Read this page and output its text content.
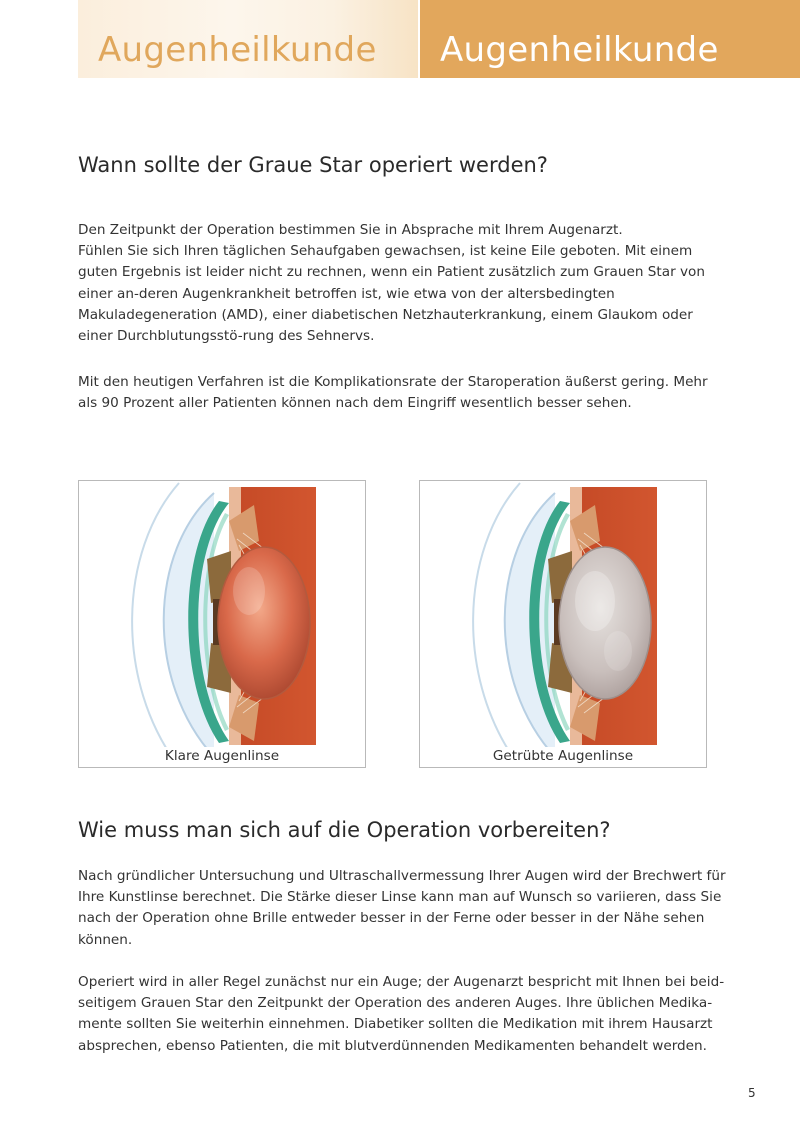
Augenheilkunde Augenheilkunde
Wann sollte der Graue Star operiert werden?

Den Zeitpunkt der Operation bestimmen Sie in Absprache mit Ihrem Augenarzt.
Fühlen Sie sich Ihren täglichen Sehaufgaben gewachsen, ist keine Eile geboten. Mit einem guten Ergebnis ist leider nicht zu rechnen, wenn ein Patient zusätzlich zum Grauen Star von einer an-deren Augenkrankheit betroffen ist, wie etwa von der altersbedingten Makuladegeneration (AMD), einer diabetischen Netzhauterkrankung, einem Glaukom oder einer Durchblutungsstö-rung des Sehnervs.

Mit den heutigen Verfahren ist die Komplikationsrate der Staroperation äußerst gering. Mehr als 90 Prozent aller Patienten können nach dem Eingriff wesentlich besser sehen.

Klare Augenlinse	Getrübte Augenlinse
Wie muss man sich auf die Operation vorbereiten?

Nach gründlicher Untersuchung und Ultraschallvermessung Ihrer Augen wird der Brechwert für Ihre Kunstlinse berechnet. Die Stärke dieser Linse kann man auf Wunsch so variieren, dass Sie nach der Operation ohne Brille entweder besser in der Ferne oder besser in der Nähe sehen können.

Operiert wird in aller Regel zunächst nur ein Auge; der Augenarzt bespricht mit Ihnen bei beid-seitigem Grauen Star den Zeitpunkt der Operation des anderen Auges. Ihre üblichen Medika-mente sollten Sie weiterhin einnehmen. Diabetiker sollten die Medikation mit ihrem Hausarzt absprechen, ebenso Patienten, die mit blutverdünnenden Medikamenten behandelt werden.

5
